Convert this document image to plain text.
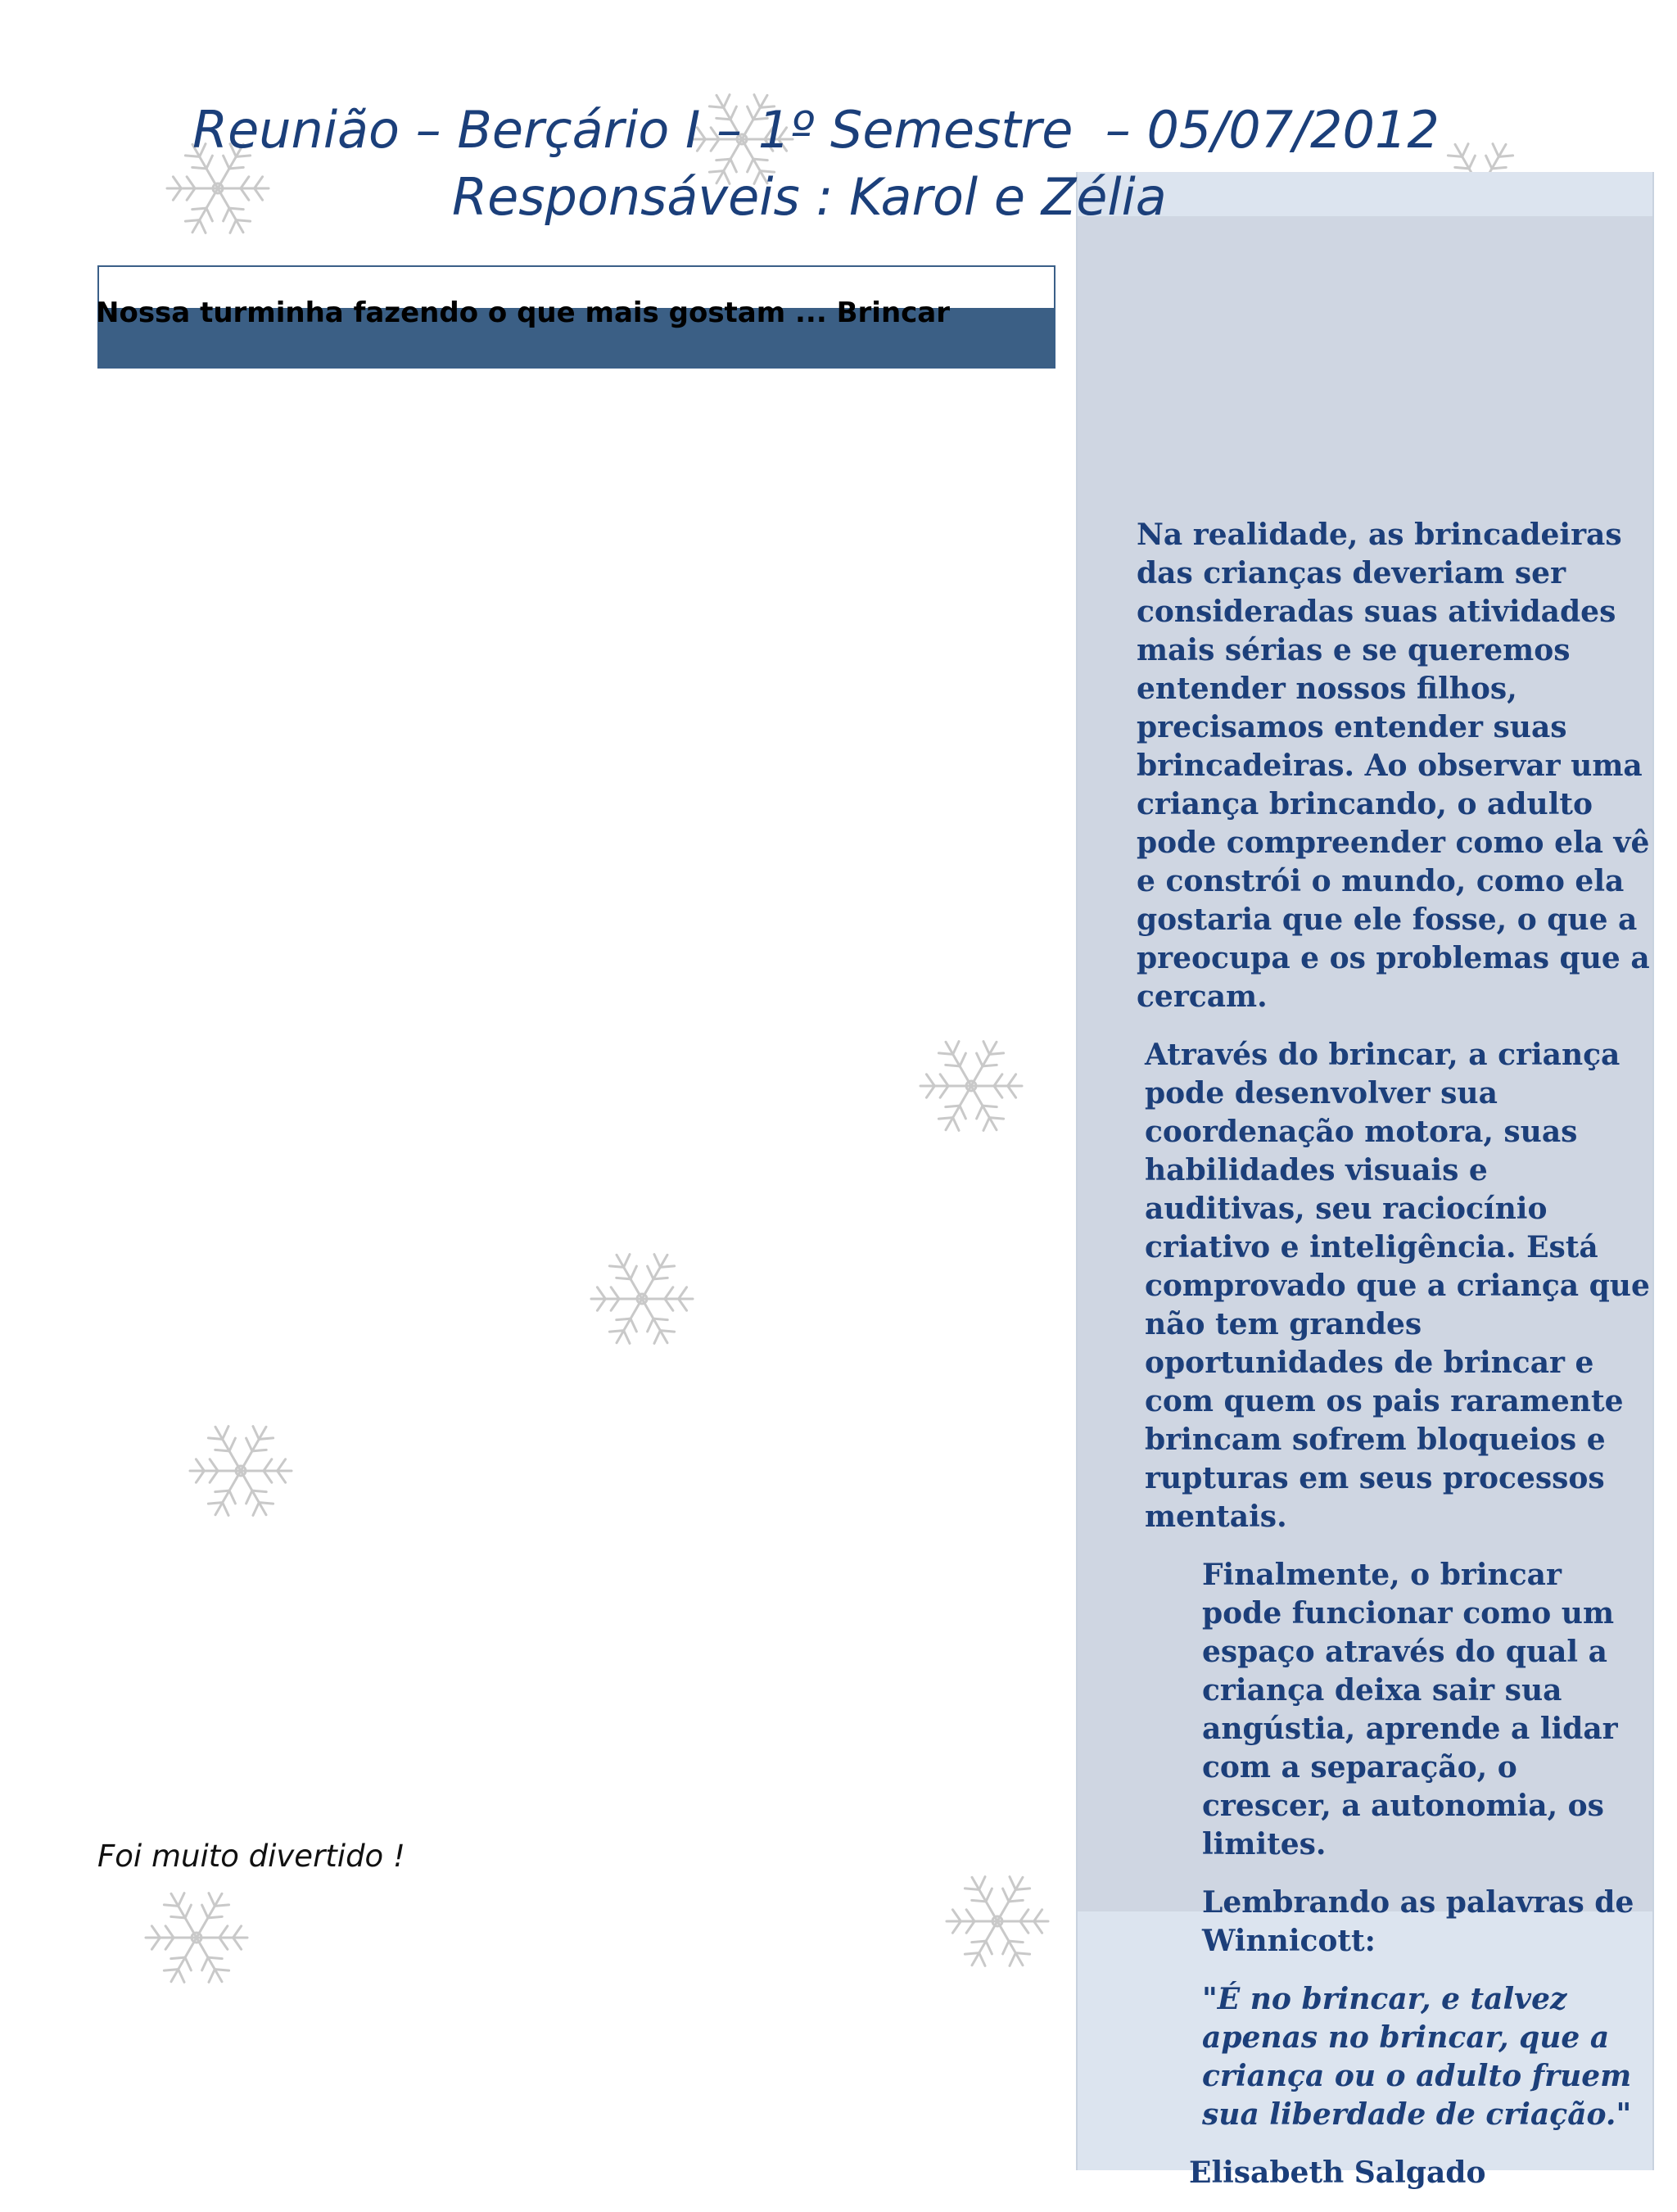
Reunião – Berçário I – 1º Semestre  – 05/07/2012
Responsáveis : Karol e Zélia
Nossa turminha fazendo o que mais gostam ... Brincar
Foi muito divertido !

Na realidade, as brincadeiras das crianças deveriam ser consideradas suas atividades mais sérias e se queremos entender nossos filhos, precisamos entender suas brincadeiras. Ao observar uma criança brincando, o adulto pode compreender como ela vê e constrói o mundo, como ela gostaria que ele fosse, o que a preocupa e os problemas que a cercam.

Através do brincar, a criança pode desenvolver sua coordenação motora, suas habilidades visuais e auditivas, seu raciocínio criativo e inteligência. Está comprovado que a criança que não tem grandes oportunidades de brincar e com quem os pais raramente brincam sofrem bloqueios e rupturas em seus processos mentais.

Finalmente, o brincar pode funcionar como um espaço através do qual a criança deixa sair sua angústia, aprende a lidar com a separação, o crescer, a autonomia, os limites.

Lembrando as palavras de Winnicott:

"É no brincar, e talvez apenas no brincar, que a criança ou o adulto fruem sua liberdade de criação."

Elisabeth Salgado
